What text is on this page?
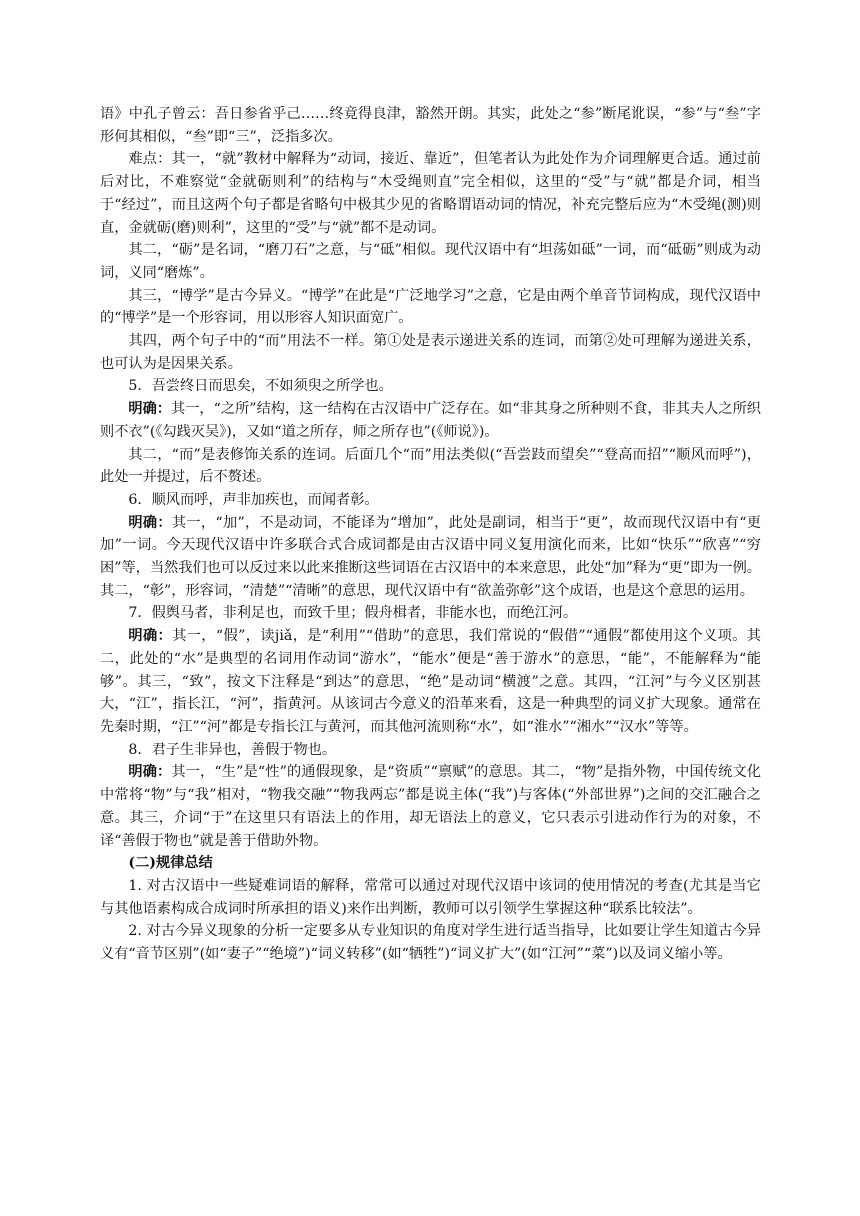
语》中孔子曾云：吾日参省乎己……终竟得良津，豁然开朗。其实，此处之“参”断尾讹误，“参”与“叁”字形何其相似，“叁”即“三”，泛指多次。

难点：其一，“就”教材中解释为“动词，接近、靠近”，但笔者认为此处作为介词理解更合适。通过前后对比，不难察觉“金就砺则利”的结构与“木受绳则直”完全相似，这里的“受”与“就”都是介词，相当于“经过”，而且这两个句子都是省略句中极其少见的省略谓语动词的情况，补充完整后应为“木受绳(测)则直，金就砺(磨)则利”，这里的“受”与“就”都不是动词。

其二，“砺”是名词，“磨刀石”之意，与“砥”相似。现代汉语中有“坦荡如砥”一词，而“砥砺”则成为动词，义同“磨炼”。

其三，“博学”是古今异义。“博学”在此是“广泛地学习”之意，它是由两个单音节词构成，现代汉语中的“博学”是一个形容词，用以形容人知识面宽广。

其四，两个句子中的“而”用法不一样。第①处是表示递进关系的连词，而第②处可理解为递进关系，也可认为是因果关系。

5．吾尝终日而思矣，不如须臾之所学也。

明确：其一，“之所”结构，这一结构在古汉语中广泛存在。如“非其身之所种则不食，非其夫人之所织则不衣”(《勾践灭吴》)，又如“道之所存，师之所存也”(《师说》)。

其二，“而”是表修饰关系的连词。后面几个“而”用法类似(“吾尝跂而望矣”“登高而招”“顺风而呼”)，此处一并提过，后不赘述。

6．顺风而呼，声非加疾也，而闻者彰。

明确：其一，“加”，不是动词，不能译为“增加”，此处是副词，相当于“更”，故而现代汉语中有“更加”一词。今天现代汉语中许多联合式合成词都是由古汉语中同义复用演化而来，比如“快乐”“欣喜”“穷困”等，当然我们也可以反过来以此来推断这些词语在古汉语中的本来意思，此处“加”释为“更”即为一例。其二，“彰”，形容词，“清楚”“清晰”的意思，现代汉语中有“欲盖弥彰”这个成语，也是这个意思的运用。

7．假舆马者，非利足也，而致千里；假舟楫者，非能水也，而绝江河。

明确：其一，“假”，读jiǎ，是“利用”“借助”的意思，我们常说的“假借”“通假”都使用这个义项。其二，此处的“水”是典型的名词用作动词“游水”，“能水”便是“善于游水”的意思，“能”，不能解释为“能够”。其三，“致”，按文下注释是“到达”的意思，“绝”是动词“横渡”之意。其四，“江河”与今义区别甚大，“江”，指长江，“河”，指黄河。从该词古今意义的沿革来看，这是一种典型的词义扩大现象。通常在先秦时期，“江”“河”都是专指长江与黄河，而其他河流则称“水”，如“淮水”“湘水”“汉水”等等。

8．君子生非异也，善假于物也。

明确：其一，“生”是“性”的通假现象，是“资质”“禀赋”的意思。其二，“物”是指外物，中国传统文化中常将“物”与“我”相对，“物我交融”“物我两忘”都是说主体(“我”)与客体(“外部世界”)之间的交汇融合之意。其三，介词“于”在这里只有语法上的作用，却无语法上的意义，它只表示引进动作行为的对象，不译“善假于物也”就是善于借助外物。

(二)规律总结

1. 对古汉语中一些疑难词语的解释，常常可以通过对现代汉语中该词的使用情况的考查(尤其是当它与其他语素构成合成词时所承担的语义)来作出判断，教师可以引领学生掌握这种“联系比较法”。

2. 对古今异义现象的分析一定要多从专业知识的角度对学生进行适当指导，比如要让学生知道古今异义有“音节区别”(如“妻子”“绝境”)“词义转移”(如“牺牲”)“词义扩大”(如“江河”“菜”)以及词义缩小等。
